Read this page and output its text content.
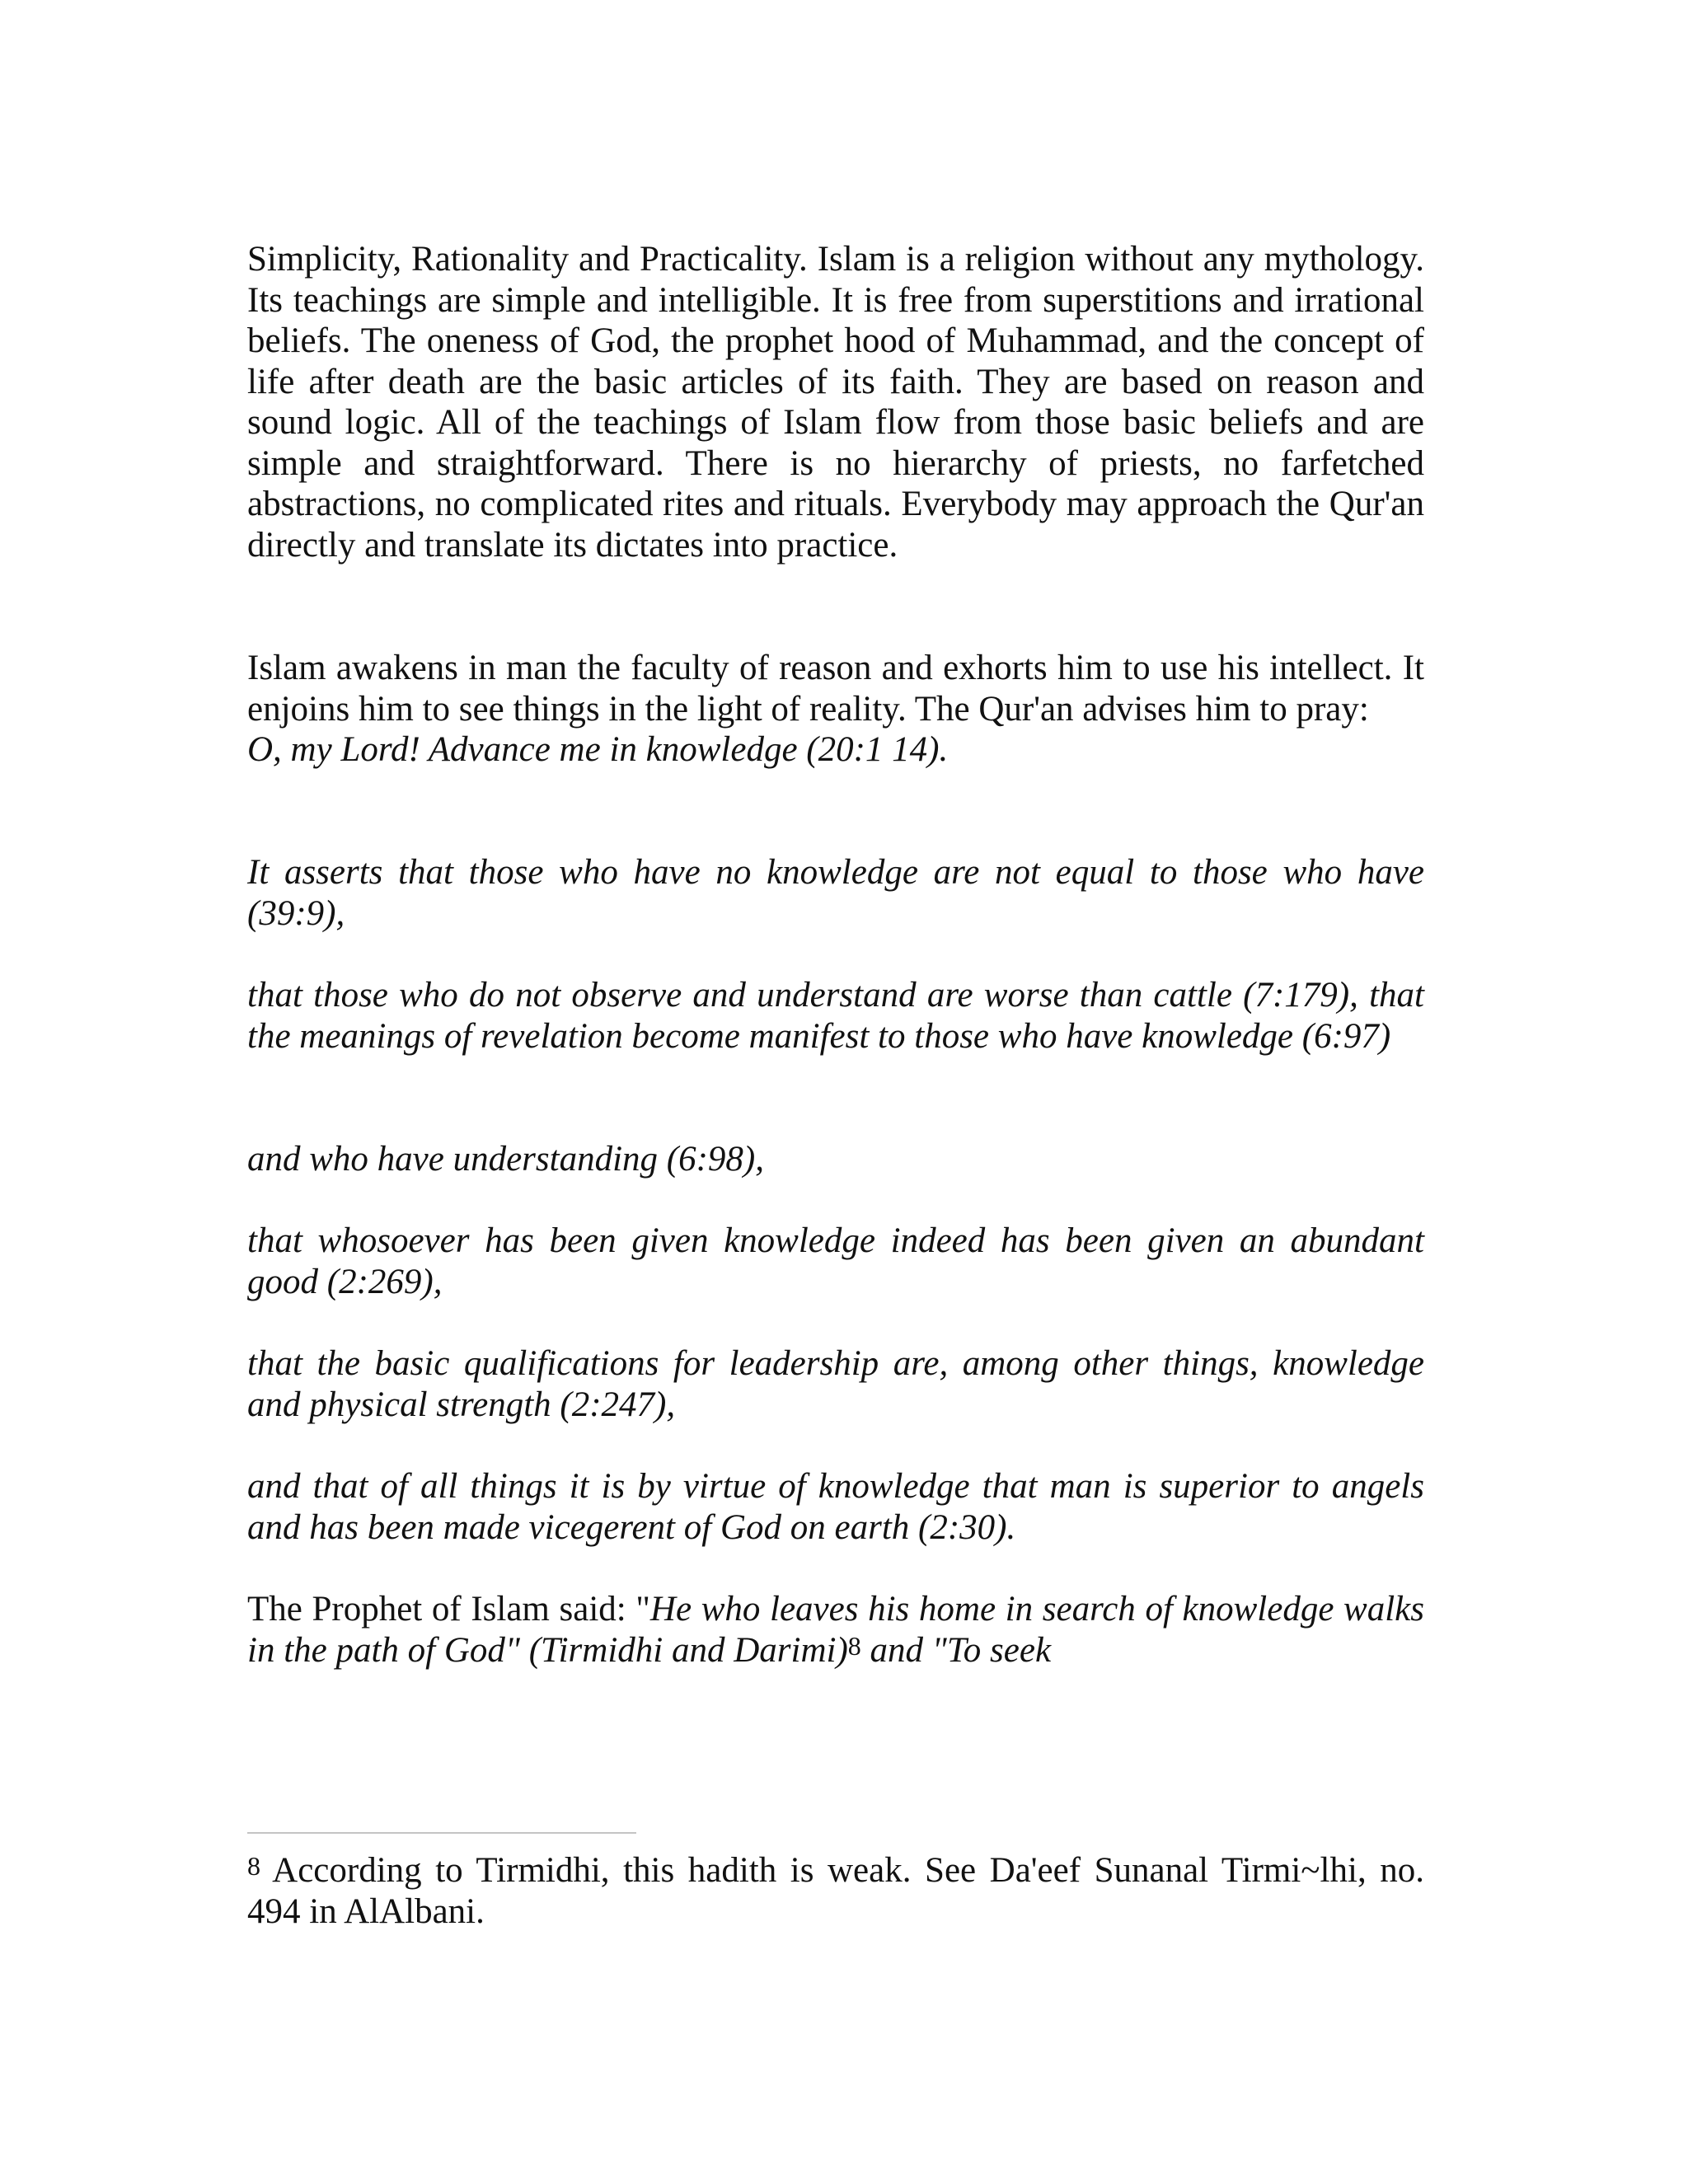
Simplicity, Rationality and Practicality. Islam is a religion without any mythology. Its teachings are simple and intelligible. It is free from superstitions and irrational beliefs. The oneness of God, the prophet hood of Muhammad, and the concept of life after death are the basic articles of its faith. They are based on reason and sound logic. All of the teachings of Islam flow from those basic beliefs and are simple and straightforward. There is no hierarchy of priests, no farfetched abstractions, no complicated rites and rituals. Everybody may approach the Qur'an directly and translate its dictates into practice.

Islam awakens in man the faculty of reason and exhorts him to use his intellect. It enjoins him to see things in the light of reality. The Qur'an advises him to pray:
O, my Lord! Advance me in knowledge (20:1 14).

It asserts that those who have no knowledge are not equal to those who have (39:9),

that those who do not observe and understand are worse than cattle (7:179), that the meanings of revelation become manifest to those who have knowledge (6:97)

and who have understanding (6:98),

that whosoever has been given knowledge indeed has been given an abundant good (2:269),

that the basic qualifications for leadership are, among other things, knowledge and physical strength (2:247),

and that of all things it is by virtue of knowledge that man is superior to angels and has been made vicegerent of God on earth (2:30).

The Prophet of Islam said: "He who leaves his home in search of knowledge walks in the path of God" (Tirmidhi and Darimi)$^8$ and "To seek

8 According to Tirmidhi, this hadith is weak. See Da'eef Sunanal Tirmi~lhi, no. 494 in AlAlbani.
